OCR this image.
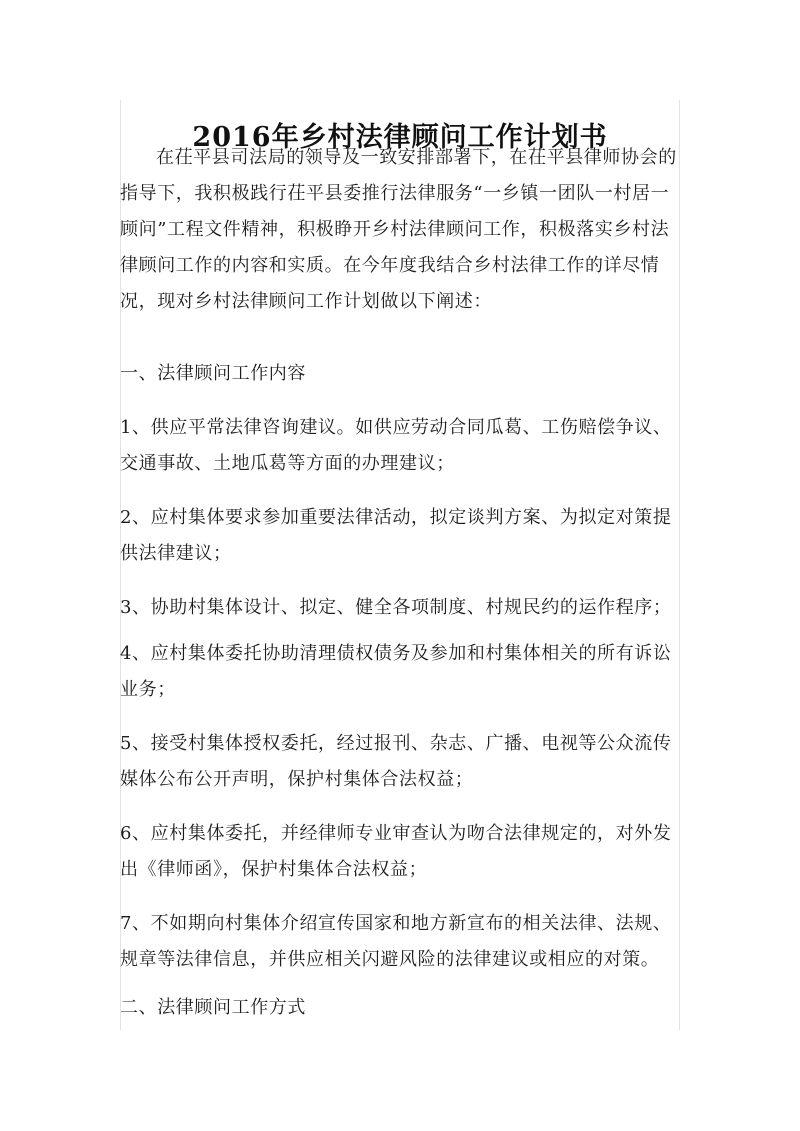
2016年乡村法律顾问工作计划书

在茌平县司法局的领导及一致安排部署下，在茌平县律师协会的指导下，我积极践行茌平县委推行法律服务“一乡镇一团队一村居一顾问”工程文件精神，积极睁开乡村法律顾问工作，积极落实乡村法律顾问工作的内容和实质。在今年度我结合乡村法律工作的详尽情况，现对乡村法律顾问工作计划做以下阐述：

一、法律顾问工作内容

1、供应平常法律咨询建议。如供应劳动合同瓜葛、工伤赔偿争议、交通事故、土地瓜葛等方面的办理建议；

2、应村集体要求参加重要法律活动，拟定谈判方案、为拟定对策提供法律建议；

3、协助村集体设计、拟定、健全各项制度、村规民约的运作程序；

4、应村集体委托协助清理债权债务及参加和村集体相关的所有诉讼业务；

5、接受村集体授权委托，经过报刊、杂志、广播、电视等公众流传媒体公布公开声明，保护村集体合法权益；

6、应村集体委托，并经律师专业审查认为吻合法律规定的，对外发出《律师函》，保护村集体合法权益；

7、不如期向村集体介绍宣传国家和地方新宣布的相关法律、法规、规章等法律信息，并供应相关闪避风险的法律建议或相应的对策。

二、法律顾问工作方式
